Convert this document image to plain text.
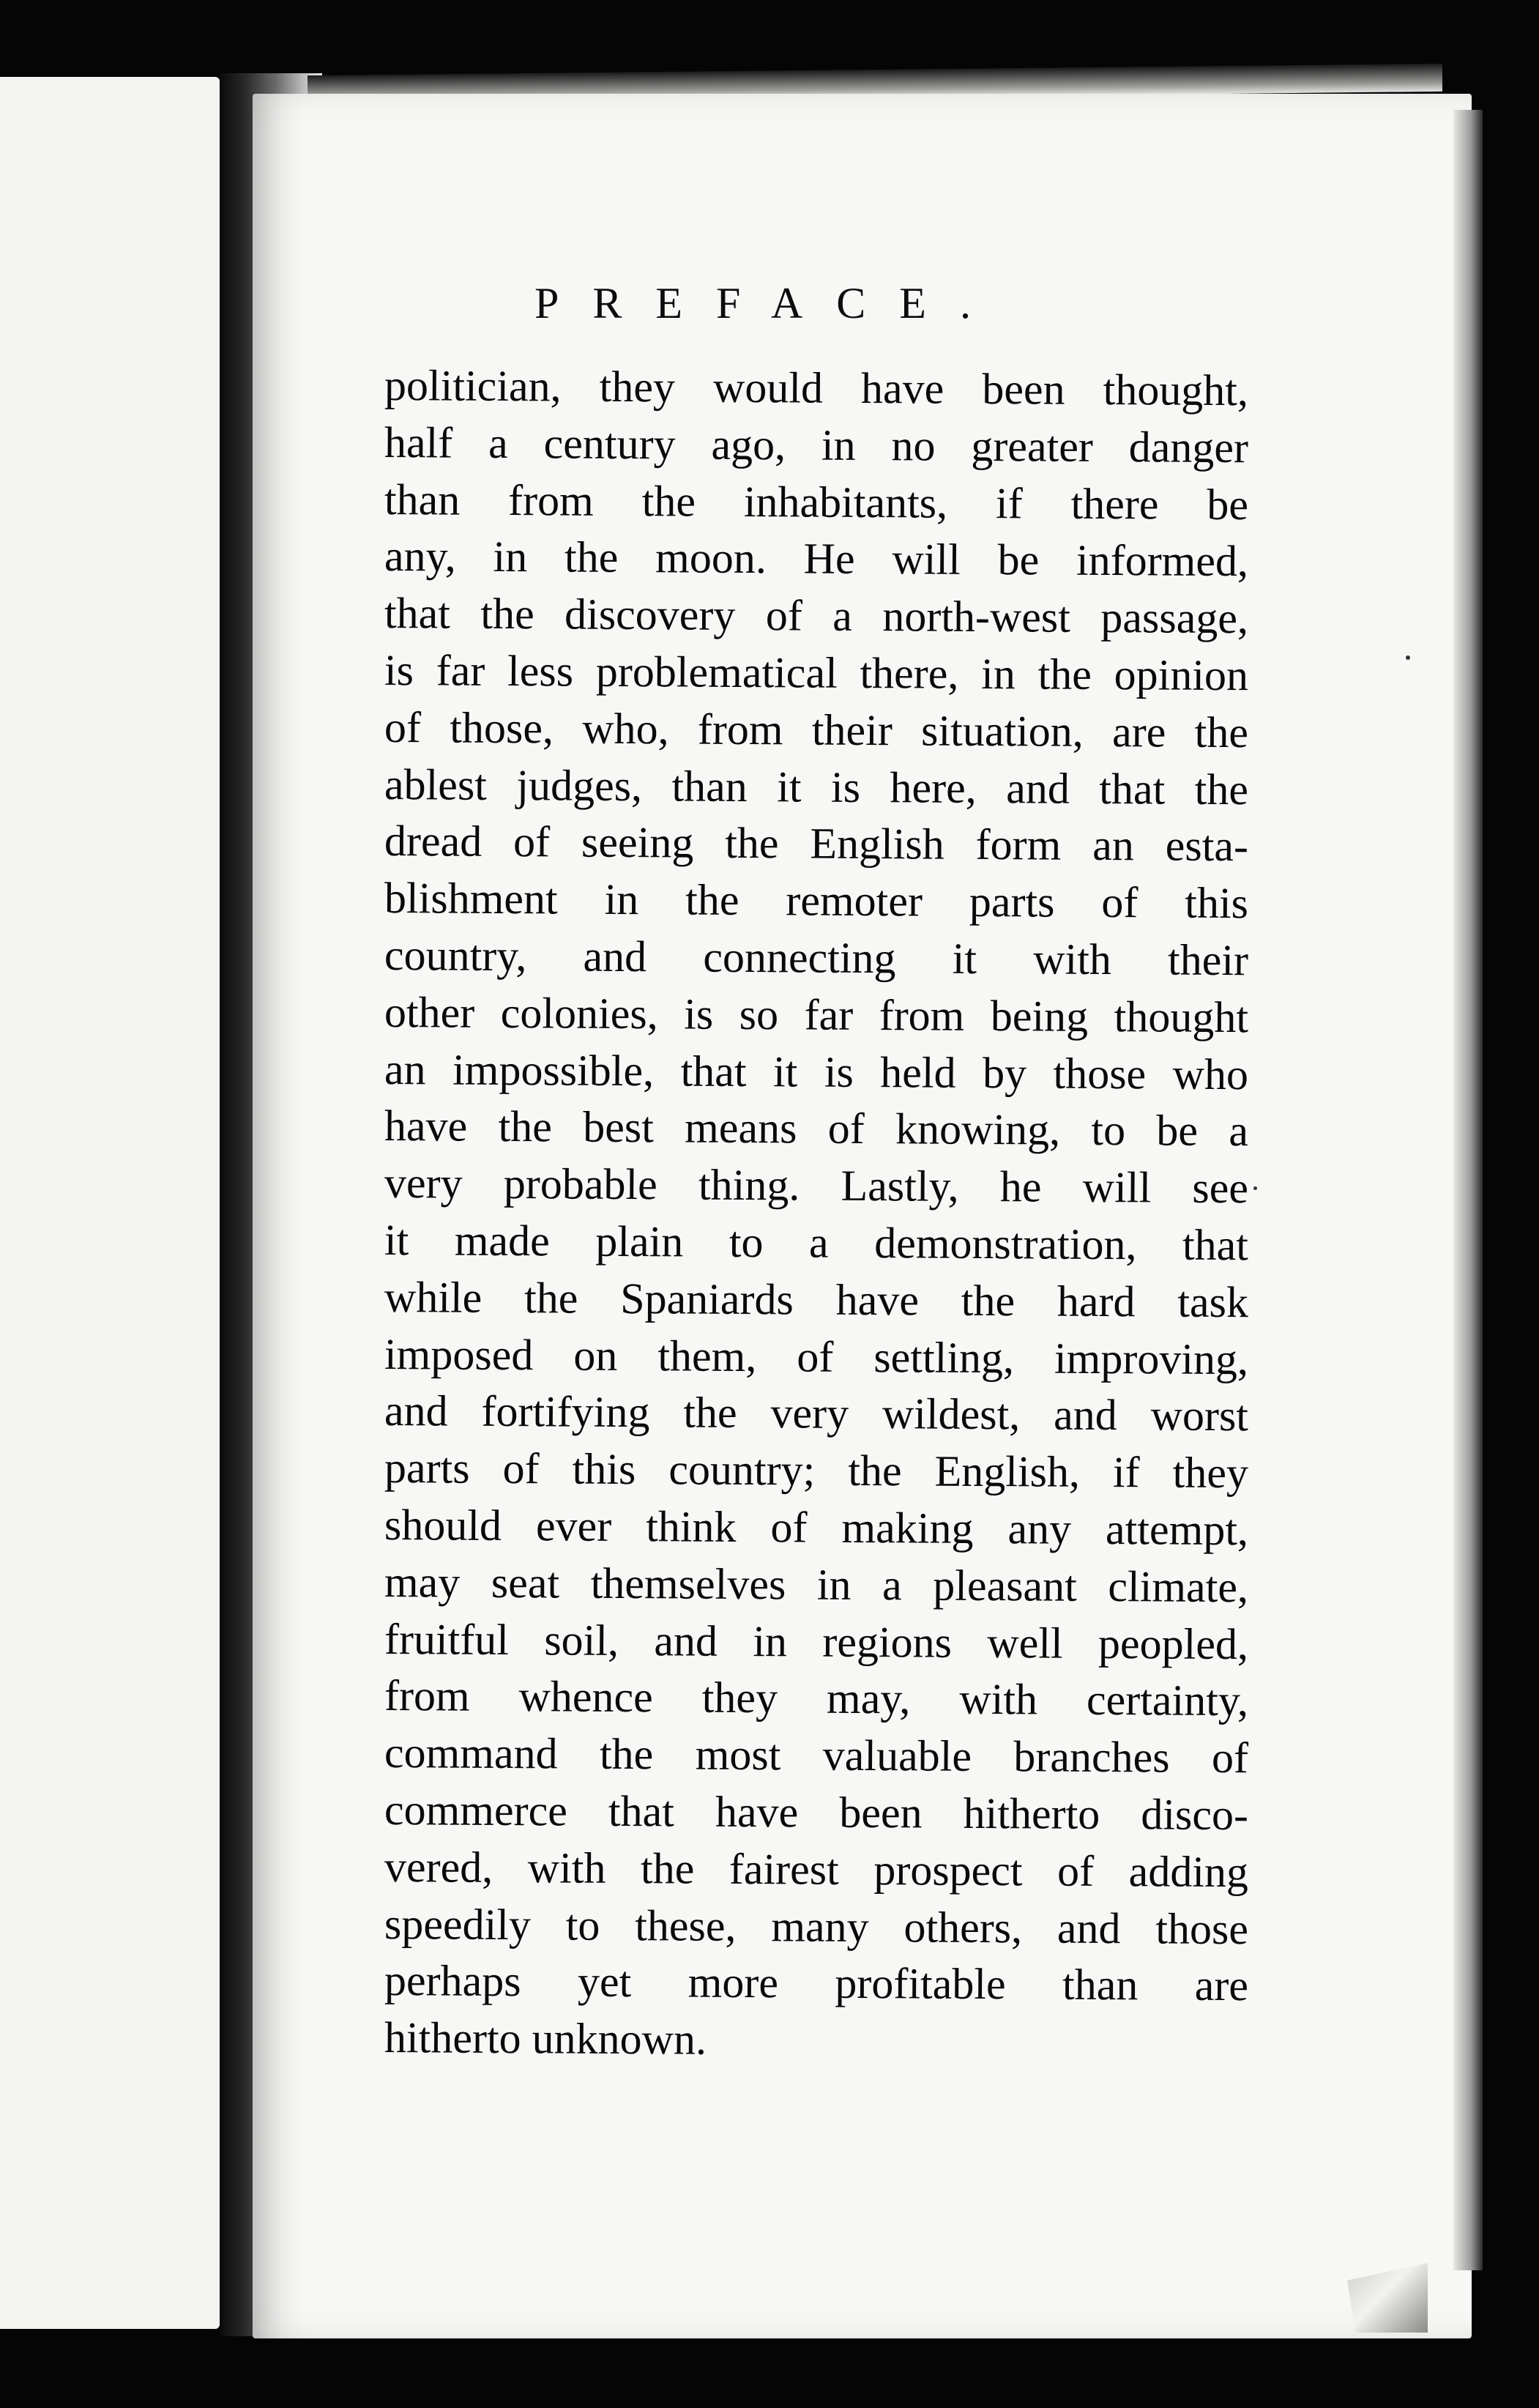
PREFACE.
politician, they would have been thought,
half a century ago, in no greater danger
than from the inhabitants, if there be
any, in the moon. He will be informed,
that the discovery of a north-west passage,
is far less problematical there, in the opinion
of those, who, from their situation, are the
ablest judges, than it is here, and that the
dread of seeing the English form an esta-
blishment in the remoter parts of this
country, and connecting it with their
other colonies, is so far from being thought
an impossible, that it is held by those who
have the best means of knowing, to be a
very probable thing. Lastly, he will see
it made plain to a demonstration, that
while the Spaniards have the hard task
imposed on them, of settling, improving,
and fortifying the very wildest, and worst
parts of this country; the English, if they
should ever think of making any attempt,
may seat themselves in a pleasant climate,
fruitful soil, and in regions well peopled,
from whence they may, with certainty,
command the most valuable branches of
commerce that have been hitherto disco-
vered, with the fairest prospect of adding
speedily to these, many others, and those
perhaps yet more profitable than are
hitherto unknown.
